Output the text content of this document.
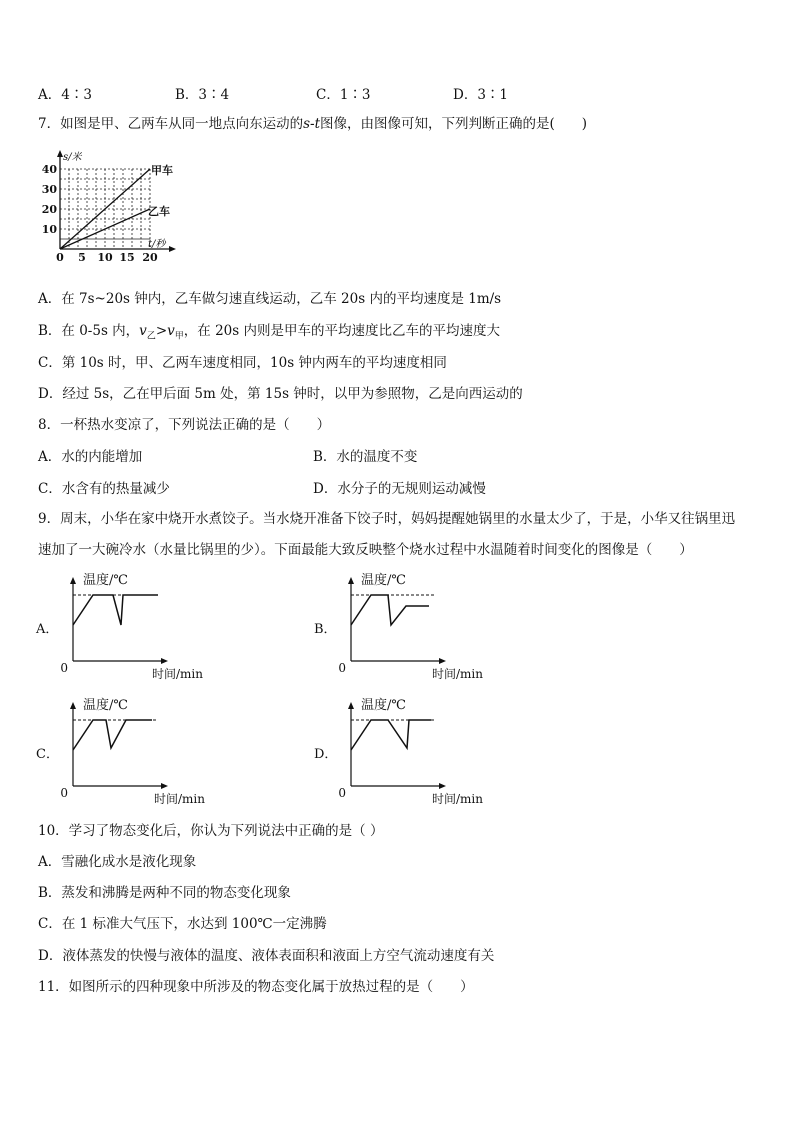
A．4∶3	B．3∶4	C．1∶3	D．3∶1
7．如图是甲、乙两车从同一地点向东运动的s-t图像，由图像可知，下列判断正确的是(　　)
s/米
t/秒
甲车
乙车
40
30
20
10
0 5 10 15 20
A．在 7s~20s 钟内，乙车做匀速直线运动，乙车 20s 内的平均速度是 1m/s
B．在 0-5s 内，$v_乙>v_甲$，在 20s 内则是甲车的平均速度比乙车的平均速度大
C．第 10s 时，甲、乙两车速度相同，10s 钟内两车的平均速度相同
D．经过 5s，乙在甲后面 5m 处，第 15s 钟时，以甲为参照物，乙是向西运动的
8．一杯热水变凉了，下列说法正确的是（　　）
A．水的内能增加	B．水的温度不变
C．水含有的热量减少	D．水分子的无规则运动减慢
9．周末，小华在家中烧开水煮饺子。当水烧开准备下饺子时，妈妈提醒她锅里的水量太少了，于是，小华又往锅里迅
速加了一大碗冷水（水量比锅里的少）。下面最能大致反映整个烧水过程中水温随着时间变化的图像是（　　）
A．
温度/℃
时间/min
0
B．
温度/℃
时间/min
0
C．
温度/℃
时间/min
0
D．
温度/℃
时间/min
0
10．学习了物态变化后，你认为下列说法中正确的是（ ）
A．雪融化成水是液化现象
B．蒸发和沸腾是两种不同的物态变化现象
C．在 1 标准大气压下，水达到 100℃一定沸腾
D．液体蒸发的快慢与液体的温度、液体表面积和液面上方空气流动速度有关
11．如图所示的四种现象中所涉及的物态变化属于放热过程的是（　　）
